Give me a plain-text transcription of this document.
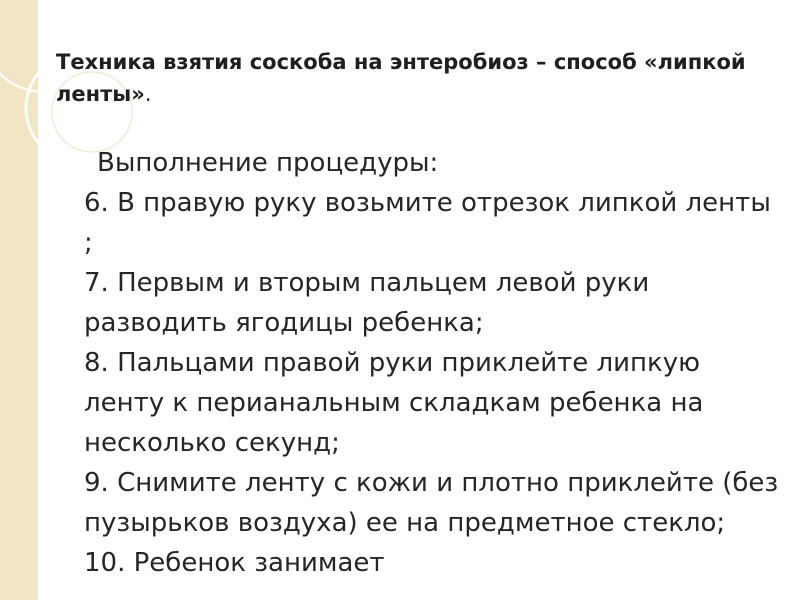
Техника взятия соскоба на энтеробиоз – способ «липкой ленты».
Выполнение процедуры:
6. В правую руку возьмите отрезок липкой ленты ;
7. Первым и вторым пальцем левой руки разводить ягодицы ребенка;
8. Пальцами правой руки приклейте липкую ленту к перианальным складкам ребенка на несколько секунд;
9. Снимите ленту с кожи и плотно приклейте (без пузырьков воздуха) ее на предметное стекло;
10. Ребенок занимает
